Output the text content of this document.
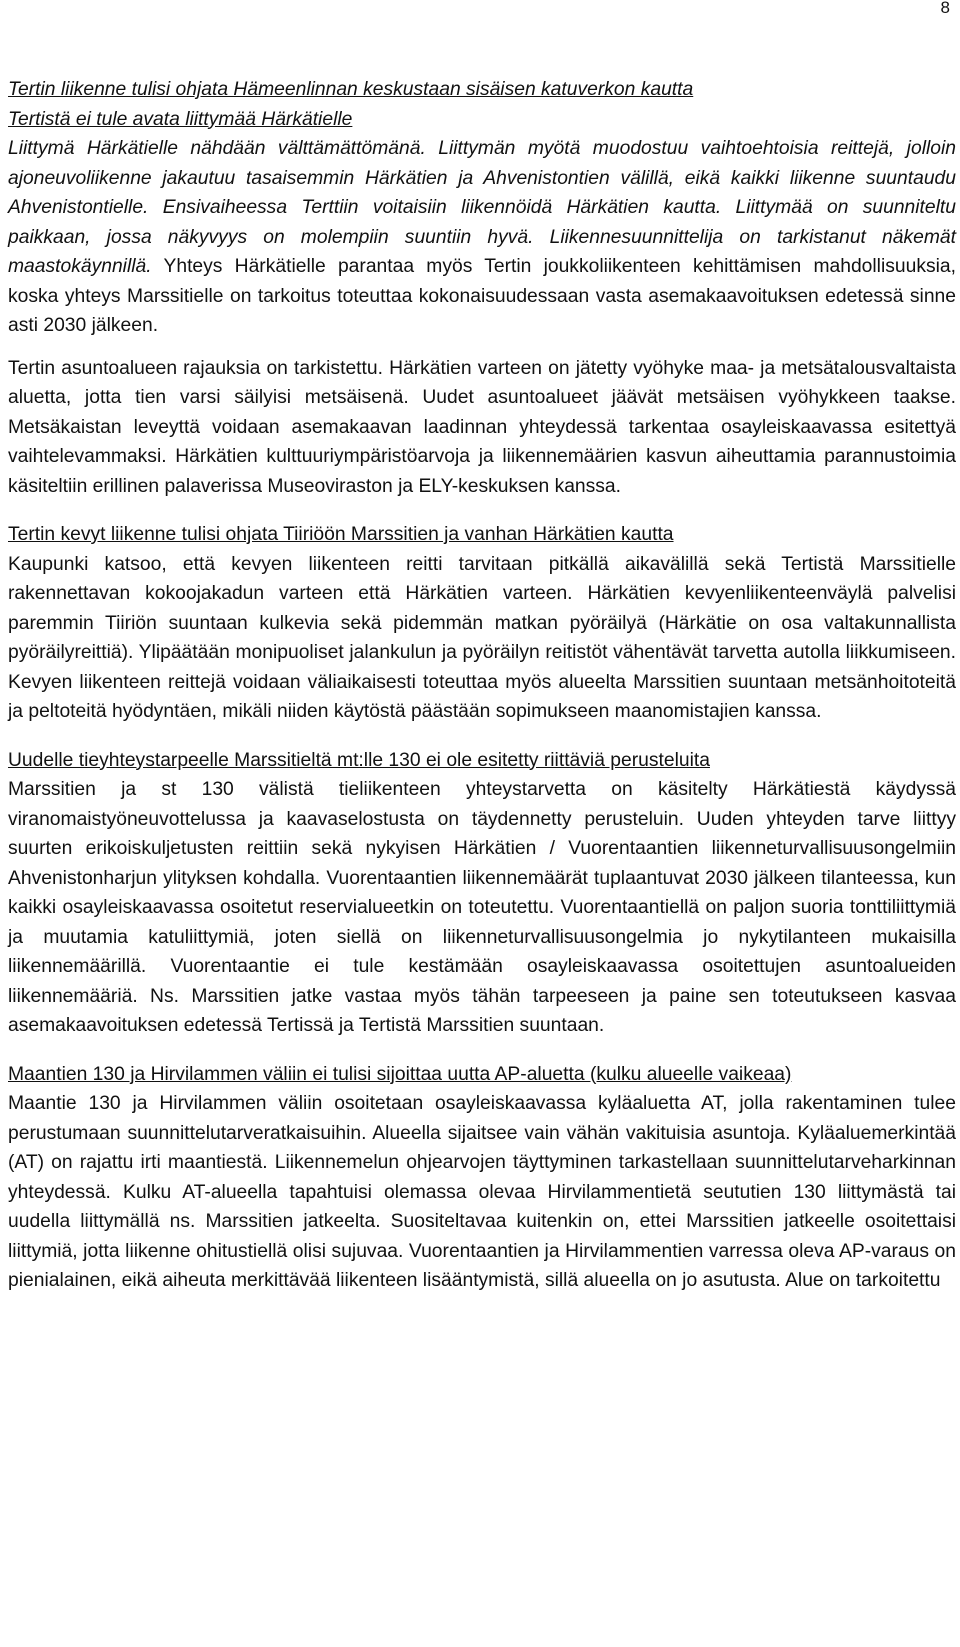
8

Tertin liikenne tulisi ohjata Hämeenlinnan keskustaan sisäisen katuverkon kautta

Tertistä ei tule avata liittymää Härkätielle

Liittymä Härkätielle nähdään välttämättömänä. Liittymän myötä muodostuu vaihtoehtoisia reittejä, jolloin ajoneuvoliikenne jakautuu tasaisemmin Härkätien ja Ahvenistontien välillä, eikä kaikki liikenne suuntaudu Ahvenistontielle. Ensivaiheessa Terttiin voitaisiin liikennöidä Härkätien kautta. Liittymää on suunniteltu paikkaan, jossa näkyvyys on molempiin suuntiin hyvä. Liikennesuunnittelija on tarkistanut näkemät maastokäynnillä. Yhteys Härkätielle parantaa myös Tertin joukkoliikenteen kehittämisen mahdollisuuksia, koska yhteys Marssitielle on tarkoitus toteuttaa kokonaisuudessaan vasta asemakaavoituksen edetessä sinne asti 2030 jälkeen.

Tertin asuntoalueen rajauksia on tarkistettu. Härkätien varteen on jätetty vyöhyke maa- ja metsätalousvaltaista aluetta, jotta tien varsi säilyisi metsäisenä. Uudet asuntoalueet jäävät metsäisen vyöhykkeen taakse. Metsäkaistan leveyttä voidaan asemakaavan laadinnan yhteydessä tarkentaa osayleiskaavassa esitettyä vaihtelevammaksi. Härkätien kulttuuriympäristöarvoja ja liikennemäärien kasvun aiheuttamia parannustoimia käsiteltiin erillinen palaverissa Museoviraston ja ELY-keskuksen kanssa.

Tertin kevyt liikenne tulisi ohjata Tiiriöön Marssitien ja vanhan Härkätien kautta

Kaupunki katsoo, että kevyen liikenteen reitti tarvitaan pitkällä aikavälillä sekä Tertistä Marssitielle rakennettavan kokoojakadun varteen että Härkätien varteen. Härkätien kevyenliikenteenväylä palvelisi paremmin Tiiriön suuntaan kulkevia sekä pidemmän matkan pyöräilyä (Härkätie on osa valtakunnallista pyöräilyreittiä). Ylipäätään monipuoliset jalankulun ja pyöräilyn reitistöt vähentävät tarvetta autolla liikkumiseen. Kevyen liikenteen reittejä voidaan väliaikaisesti toteuttaa myös alueelta Marssitien suuntaan metsänhoitoteitä ja peltoteitä hyödyntäen, mikäli niiden käytöstä päästään sopimukseen maanomistajien kanssa.

Uudelle tieyhteystarpeelle Marssitieltä mt:lle 130 ei ole esitetty riittäviä perusteluita

Marssitien ja st 130 välistä tieliikenteen yhteystarvetta on käsitelty Härkätiestä käydyssä viranomaistyöneuvottelussa ja kaavaselostusta on täydennetty perusteluin. Uuden yhteyden tarve liittyy suurten erikoiskuljetusten reittiin sekä nykyisen Härkätien / Vuorentaantien liikenneturvallisuusongelmiin Ahvenistonharjun ylityksen kohdalla. Vuorentaantien liikennemäärät tuplaantuvat 2030 jälkeen tilanteessa, kun kaikki osayleiskaavassa osoitetut reservialueetkin on toteutettu. Vuorentaantiellä on paljon suoria tonttiliittymiä ja muutamia katuliittymiä, joten siellä on liikenneturvallisuusongelmia jo nykytilanteen mukaisilla liikennemäärillä. Vuorentaantie ei tule kestämään osayleiskaavassa osoitettujen asuntoalueiden liikennemääriä. Ns. Marssitien jatke vastaa myös tähän tarpeeseen ja paine sen toteutukseen kasvaa asemakaavoituksen edetessä Tertissä ja Tertistä Marssitien suuntaan.

Maantien 130 ja Hirvilammen väliin ei tulisi sijoittaa uutta AP-aluetta (kulku alueelle vaikeaa)

Maantie 130 ja Hirvilammen väliin osoitetaan osayleiskaavassa kyläaluetta AT, jolla rakentaminen tulee perustumaan suunnittelutarveratkaisuihin. Alueella sijaitsee vain vähän vakituisia asuntoja. Kyläaluemerkintää (AT) on rajattu irti maantiestä. Liikennemelun ohjearvojen täyttyminen tarkastellaan suunnittelutarveharkinnan yhteydessä. Kulku AT-alueella tapahtuisi olemassa olevaa Hirvilammentietä seututien 130 liittymästä tai uudella liittymällä ns. Marssitien jatkeelta. Suositeltavaa kuitenkin on, ettei Marssitien jatkeelle osoitettaisi liittymiä, jotta liikenne ohitustiellä olisi sujuvaa. Vuorentaantien ja Hirvilammentien varressa oleva AP-varaus on pienialainen, eikä aiheuta merkittävää liikenteen lisääntymistä, sillä alueella on jo asutusta. Alue on tarkoitettu
